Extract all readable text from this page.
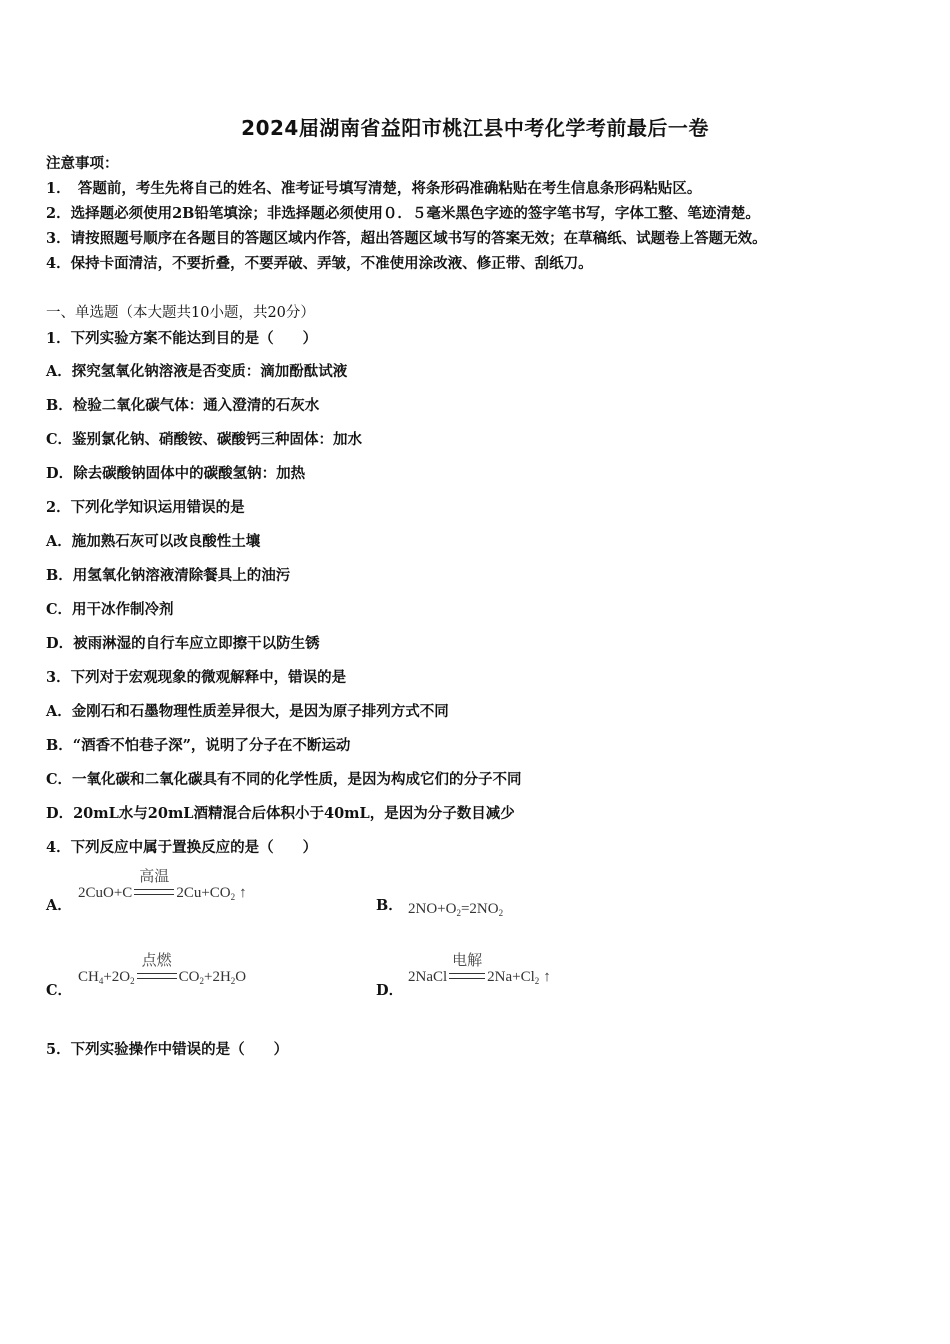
2024届湖南省益阳市桃江县中考化学考前最后一卷
注意事项：
1．　答题前，考生先将自己的姓名、准考证号填写清楚，将条形码准确粘贴在考生信息条形码粘贴区。
2．选择题必须使用2B铅笔填涂；非选择题必须使用０．５毫米黑色字迹的签字笔书写，字体工整、笔迹清楚。
3．请按照题号顺序在各题目的答题区域内作答，超出答题区域书写的答案无效；在草稿纸、试题卷上答题无效。
4．保持卡面清洁，不要折叠，不要弄破、弄皱，不准使用涂改液、修正带、刮纸刀。
一、单选题（本大题共10小题，共20分）
1．下列实验方案不能达到目的是（　　）
A．探究氢氧化钠溶液是否变质：滴加酚酞试液
B．检验二氧化碳气体：通入澄清的石灰水
C．鉴别氯化钠、硝酸铵、碳酸钙三种固体：加水
D．除去碳酸钠固体中的碳酸氢钠：加热
2．下列化学知识运用错误的是
A．施加熟石灰可以改良酸性土壤
B．用氢氧化钠溶液清除餐具上的油污
C．用干冰作制冷剂
D．被雨淋湿的自行车应立即擦干以防生锈
3．下列对于宏观现象的微观解释中，错误的是
A．金刚石和石墨物理性质差异很大，是因为原子排列方式不同
B．“酒香不怕巷子深”，说明了分子在不断运动
C．一氧化碳和二氧化碳具有不同的化学性质，是因为构成它们的分子不同
D．20mL水与20mL酒精混合后体积小于40mL，是因为分子数目减少
4．下列反应中属于置换反应的是（　　）
A．
2CuO+C
高温
$2Cu+CO_2$ ↑
B． $2NO+O_2=2NO_2$
C．
$CH_4+2O_2$
点燃
$CO_2+2H_2O$
D．
2NaCl
电解
$2Na+Cl_2$ ↑
5．下列实验操作中错误的是（　　）
